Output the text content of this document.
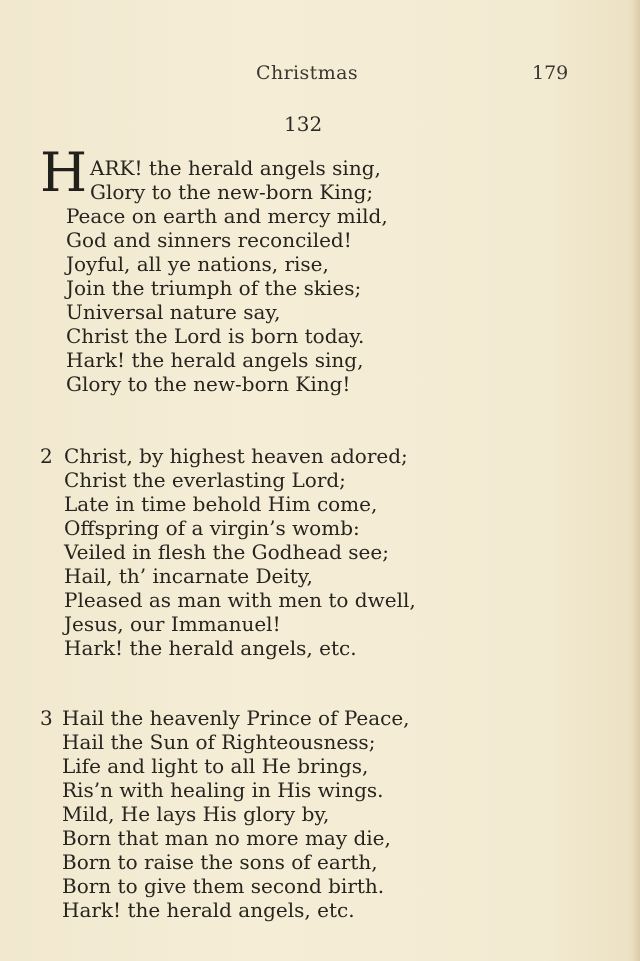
Christmas	179
132
H ARK! the herald angels sing,
Glory to the new-born King;
Peace on earth and mercy mild,
God and sinners reconciled!
Joyful, all ye nations, rise,
Join the triumph of the skies;
Universal nature say,
Christ the Lord is born today.
Hark! the herald angels sing,
Glory to the new-born King!
2 Christ, by highest heaven adored;
Christ the everlasting Lord;
Late in time behold Him come,
Offspring of a virgin’s womb:
Veiled in flesh the Godhead see;
Hail, th’ incarnate Deity,
Pleased as man with men to dwell,
Jesus, our Immanuel!
Hark! the herald angels, etc.
3 Hail the heavenly Prince of Peace,
Hail the Sun of Righteousness;
Life and light to all He brings,
Ris’n with healing in His wings.
Mild, He lays His glory by,
Born that man no more may die,
Born to raise the sons of earth,
Born to give them second birth.
Hark! the herald angels, etc.
